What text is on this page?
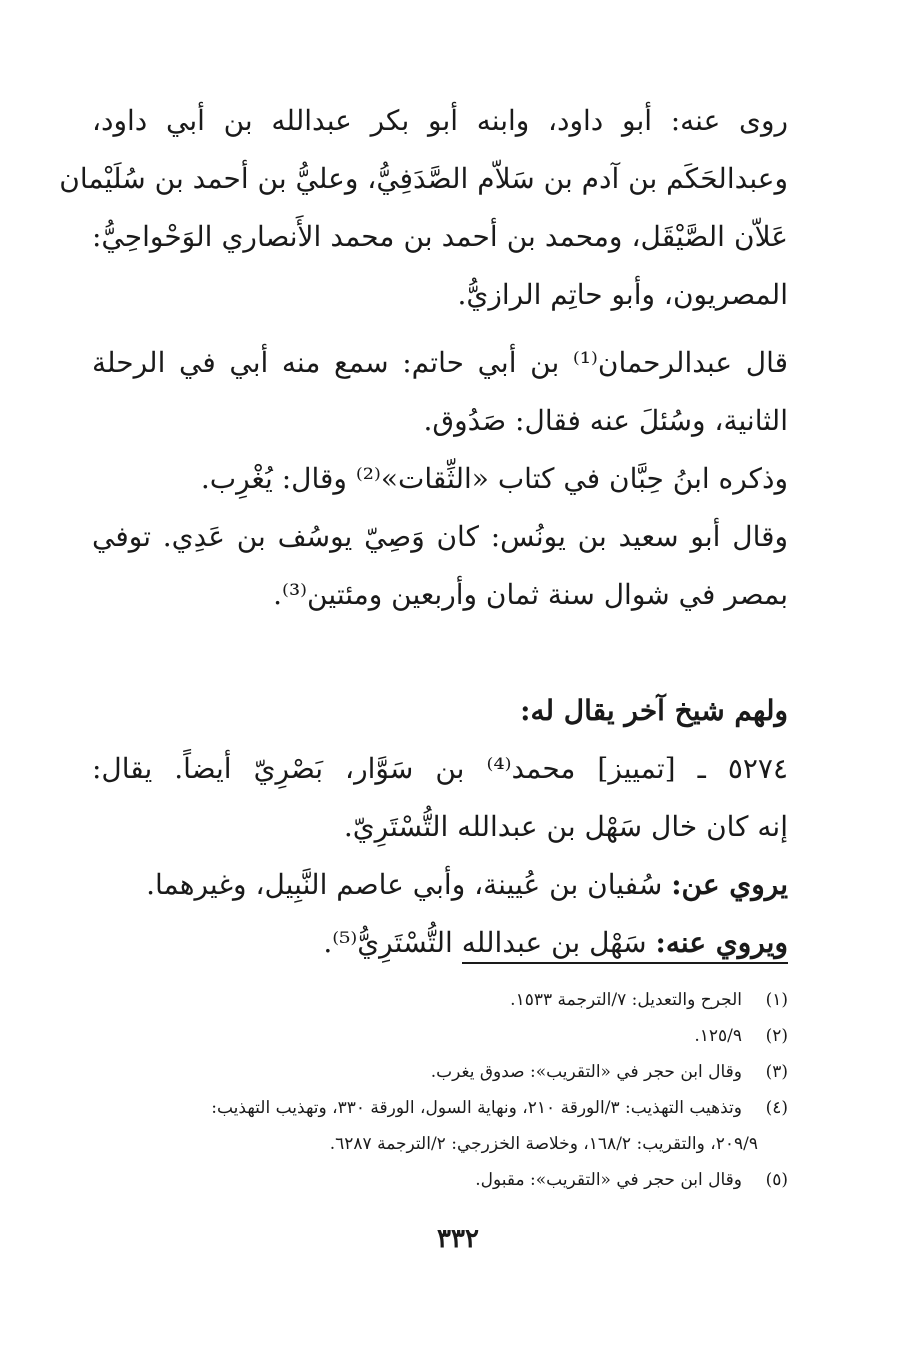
روى عنه: أبو داود، وابنه أبو بكر عبدالله بن أبي داود،
وعبدالحَكَم بن آدم بن سَلاّم الصَّدَفِيُّ، وعليُّ بن أحمد بن سُلَيْمان
عَلاّن الصَّيْقَل، ومحمد بن أحمد بن محمد الأَنصاري الوَحْواحِيُّ:
المصريون، وأبو حاتِم الرازيُّ.
قال عبدالرحمان⁽¹⁾ بن أبي حاتم: سمع منه أبي في الرحلة
الثانية، وسُئلَ عنه فقال: صَدُوق.
وذكره ابنُ حِبَّان في كتاب «الثِّقات»⁽²⁾ وقال: يُغْرِب.
وقال أبو سعيد بن يونُس: كان وَصِيّ يوسُف بن عَدِي. توفي
بمصر في شوال سنة ثمان وأربعين ومئتين⁽³⁾.
ولهم شيخ آخر يقال له:
٥٢٧٤ ـ [تمييز] محمد⁽⁴⁾ بن سَوَّار، بَصْرِيّ أيضاً. يقال:
إنه كان خال سَهْل بن عبدالله التُّسْتَرِيّ.
يروي عن: سُفيان بن عُيينة، وأبي عاصم النَّبِيل، وغيرهما.
ويروي عنه: سَهْل بن عبدالله التُّسْتَرِيُّ⁽⁵⁾.
(١)
الجرح والتعديل: ٧/الترجمة ١٥٣٣.
(٢)
١٢٥/٩.
(٣)
وقال ابن حجر في «التقريب»: صدوق يغرب.
(٤)
وتذهيب التهذيب: ٣/الورقة ٢١٠، ونهاية السول، الورقة ٣٣٠، وتهذيب التهذيب:
٢٠٩/٩، والتقريب: ١٦٨/٢، وخلاصة الخزرجي: ٢/الترجمة ٦٢٨٧.
(٥)
وقال ابن حجر في «التقريب»: مقبول.
٣٣٢
